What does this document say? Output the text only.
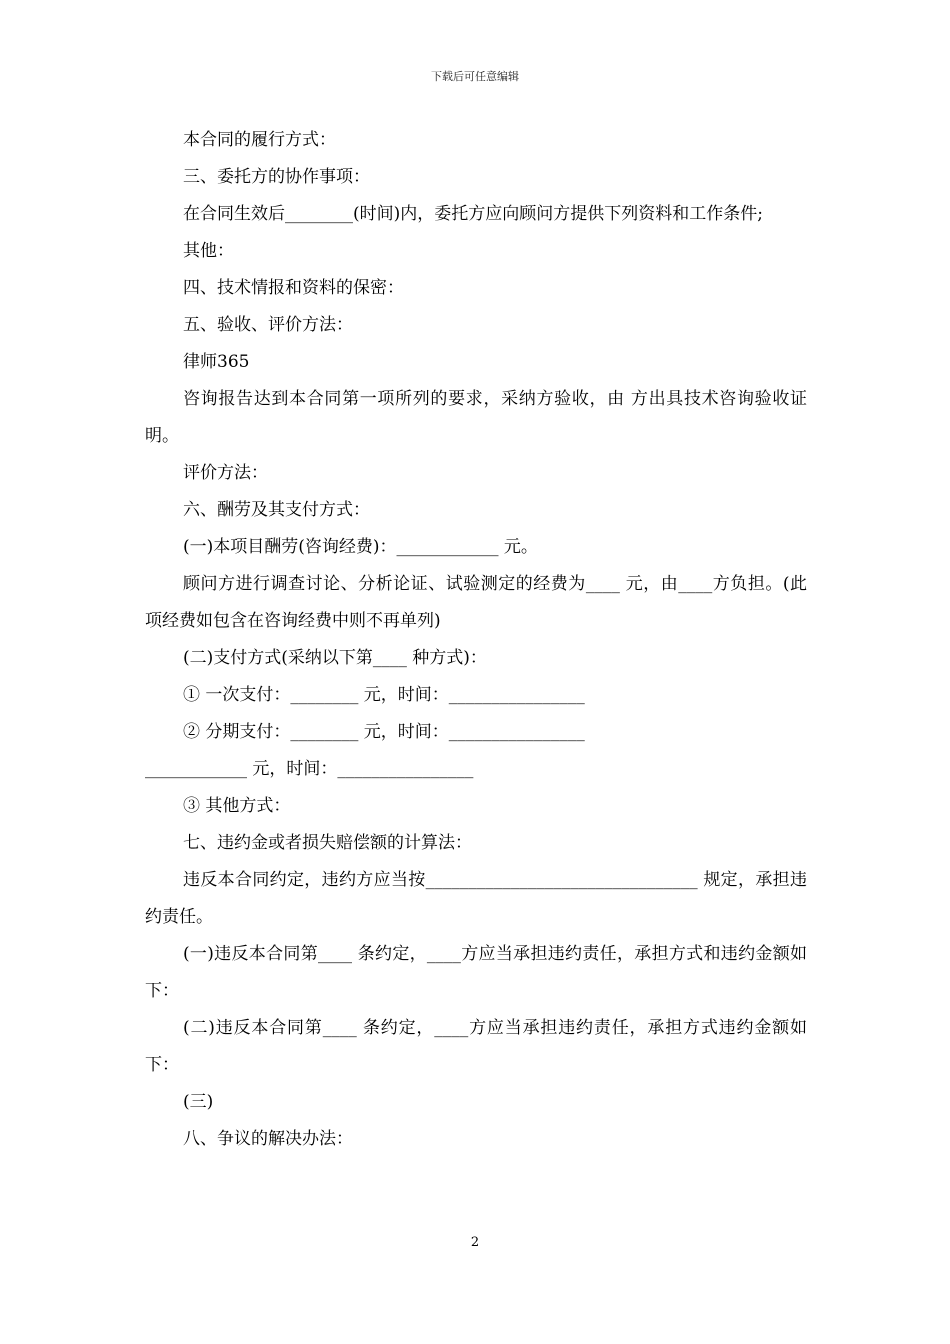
下载后可任意编辑

本合同的履行方式：

三、委托方的协作事项：

在合同生效后________(时间)内，委托方应向顾问方提供下列资料和工作条件;

其他：

四、技术情报和资料的保密：

五、验收、评价方法：

律师365

咨询报告达到本合同第一项所列的要求，采纳方验收，由 方出具技术咨询验收证明。

评价方法：

六、酬劳及其支付方式：

(一)本项目酬劳(咨询经费)：____________ 元。

顾问方进行调查讨论、分析论证、试验测定的经费为____ 元，由____方负担。(此项经费如包含在咨询经费中则不再单列)

(二)支付方式(采纳以下第____ 种方式)：

① 一次支付：________ 元，时间：________________

② 分期支付：________ 元，时间：________________

____________ 元，时间：________________

③ 其他方式：

七、违约金或者损失赔偿额的计算法：

违反本合同约定，违约方应当按________________________________ 规定，承担违约责任。

(一)违反本合同第____ 条约定，____方应当承担违约责任，承担方式和违约金额如下：

(二)违反本合同第____ 条约定，____方应当承担违约责任，承担方式违约金额如下：

(三)

八、争议的解决办法：

2
